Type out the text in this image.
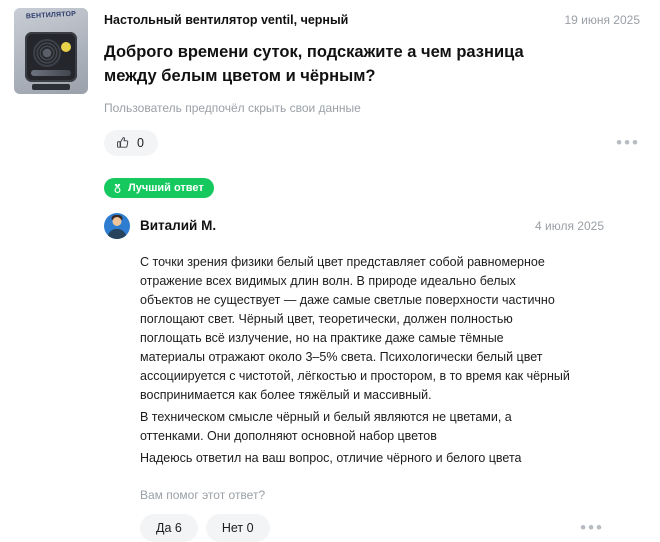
ВЕНТИЛЯТОР	Настольный вентилятор ventil, черный	19 июня 2025
Доброго времени суток, подскажите а чем разница между белым цветом и чёрным?
Пользователь предпочёл скрыть свои данные
0	•••
Лучший ответ
Виталий М.	4 июля 2025

С точки зрения физики белый цвет представляет собой равномерное отражение всех видимых длин волн. В природе идеально белых объектов не существует — даже самые светлые поверхности частично поглощают свет. Чёрный цвет, теоретически, должен полностью поглощать всё излучение, но на практике даже самые тёмные материалы отражают около 3–5% света. Психологически белый цвет ассоциируется с чистотой, лёгкостью и простором, в то время как чёрный воспринимается как более тяжёлый и массивный.

В техническом смысле чёрный и белый являются не цветами, а оттенками. Они дополняют основной набор цветов

Надеюсь ответил на ваш вопрос, отличие чёрного и белого цвета

Вам помог этот ответ?
Да 6	Нет 0	•••
